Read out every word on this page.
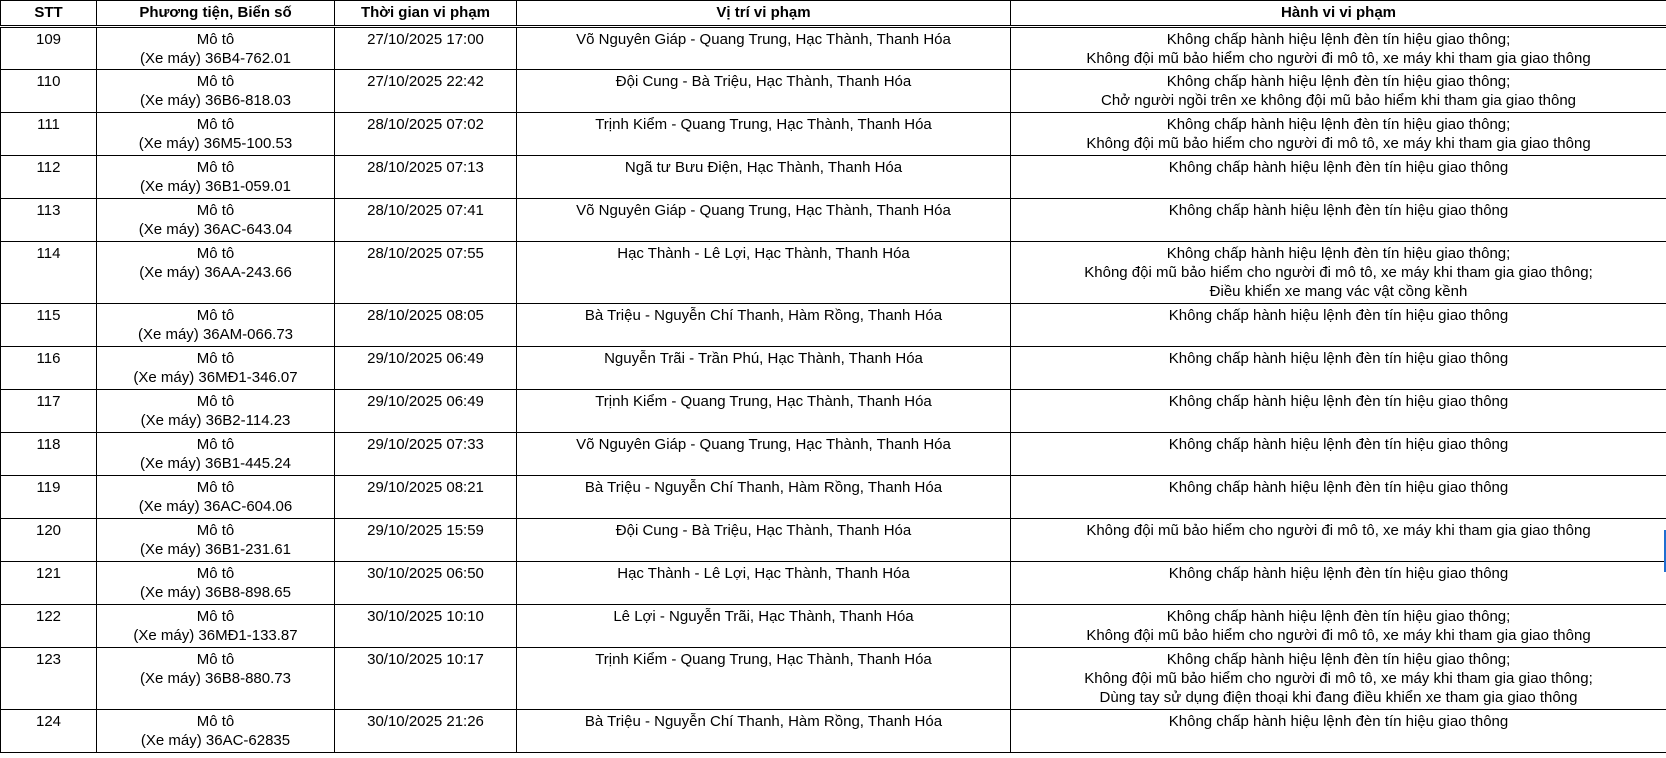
STT	Phương tiện, Biển số	Thời gian vi phạm	Vị trí vi phạm	Hành vi vi phạm

109	Mô tô
(Xe máy) 36B4-762.01	27/10/2025 17:00	Võ Nguyên Giáp - Quang Trung, Hạc Thành, Thanh Hóa	Không chấp hành hiệu lệnh đèn tín hiệu giao thông;
Không đội mũ bảo hiểm cho người đi mô tô, xe máy khi tham gia giao thông

110	Mô tô
(Xe máy) 36B6-818.03	27/10/2025 22:42	Đội Cung - Bà Triệu, Hạc Thành, Thanh Hóa	Không chấp hành hiệu lệnh đèn tín hiệu giao thông;
Chở người ngồi trên xe không đội mũ bảo hiểm khi tham gia giao thông

111	Mô tô
(Xe máy) 36M5-100.53	28/10/2025 07:02	Trịnh Kiểm - Quang Trung, Hạc Thành, Thanh Hóa	Không chấp hành hiệu lệnh đèn tín hiệu giao thông;
Không đội mũ bảo hiểm cho người đi mô tô, xe máy khi tham gia giao thông

112	Mô tô
(Xe máy) 36B1-059.01	28/10/2025 07:13	Ngã tư Bưu Điện, Hạc Thành, Thanh Hóa	Không chấp hành hiệu lệnh đèn tín hiệu giao thông

113	Mô tô
(Xe máy) 36AC-643.04	28/10/2025 07:41	Võ Nguyên Giáp - Quang Trung, Hạc Thành, Thanh Hóa	Không chấp hành hiệu lệnh đèn tín hiệu giao thông

114	Mô tô
(Xe máy) 36AA-243.66	28/10/2025 07:55	Hạc Thành - Lê Lợi, Hạc Thành, Thanh Hóa	Không chấp hành hiệu lệnh đèn tín hiệu giao thông;
Không đội mũ bảo hiểm cho người đi mô tô, xe máy khi tham gia giao thông;
Điều khiển xe mang vác vật cồng kềnh

115	Mô tô
(Xe máy) 36AM-066.73	28/10/2025 08:05	Bà Triệu - Nguyễn Chí Thanh, Hàm Rồng, Thanh Hóa	Không chấp hành hiệu lệnh đèn tín hiệu giao thông

116	Mô tô
(Xe máy) 36MĐ1-346.07	29/10/2025 06:49	Nguyễn Trãi - Trần Phú, Hạc Thành, Thanh Hóa	Không chấp hành hiệu lệnh đèn tín hiệu giao thông

117	Mô tô
(Xe máy) 36B2-114.23	29/10/2025 06:49	Trịnh Kiểm - Quang Trung, Hạc Thành, Thanh Hóa	Không chấp hành hiệu lệnh đèn tín hiệu giao thông

118	Mô tô
(Xe máy) 36B1-445.24	29/10/2025 07:33	Võ Nguyên Giáp - Quang Trung, Hạc Thành, Thanh Hóa	Không chấp hành hiệu lệnh đèn tín hiệu giao thông

119	Mô tô
(Xe máy) 36AC-604.06	29/10/2025 08:21	Bà Triệu - Nguyễn Chí Thanh, Hàm Rồng, Thanh Hóa	Không chấp hành hiệu lệnh đèn tín hiệu giao thông

120	Mô tô
(Xe máy) 36B1-231.61	29/10/2025 15:59	Đội Cung - Bà Triệu, Hạc Thành, Thanh Hóa	Không đội mũ bảo hiểm cho người đi mô tô, xe máy khi tham gia giao thông

121	Mô tô
(Xe máy) 36B8-898.65	30/10/2025 06:50	Hạc Thành - Lê Lợi, Hạc Thành, Thanh Hóa	Không chấp hành hiệu lệnh đèn tín hiệu giao thông

122	Mô tô
(Xe máy) 36MĐ1-133.87	30/10/2025 10:10	Lê Lợi - Nguyễn Trãi, Hạc Thành, Thanh Hóa	Không chấp hành hiệu lệnh đèn tín hiệu giao thông;
Không đội mũ bảo hiểm cho người đi mô tô, xe máy khi tham gia giao thông

123	Mô tô
(Xe máy) 36B8-880.73	30/10/2025 10:17	Trịnh Kiểm - Quang Trung, Hạc Thành, Thanh Hóa	Không chấp hành hiệu lệnh đèn tín hiệu giao thông;
Không đội mũ bảo hiểm cho người đi mô tô, xe máy khi tham gia giao thông;
Dùng tay sử dụng điện thoại khi đang điều khiển xe tham gia giao thông

124	Mô tô
(Xe máy) 36AC-62835	30/10/2025 21:26	Bà Triệu - Nguyễn Chí Thanh, Hàm Rồng, Thanh Hóa	Không chấp hành hiệu lệnh đèn tín hiệu giao thông
